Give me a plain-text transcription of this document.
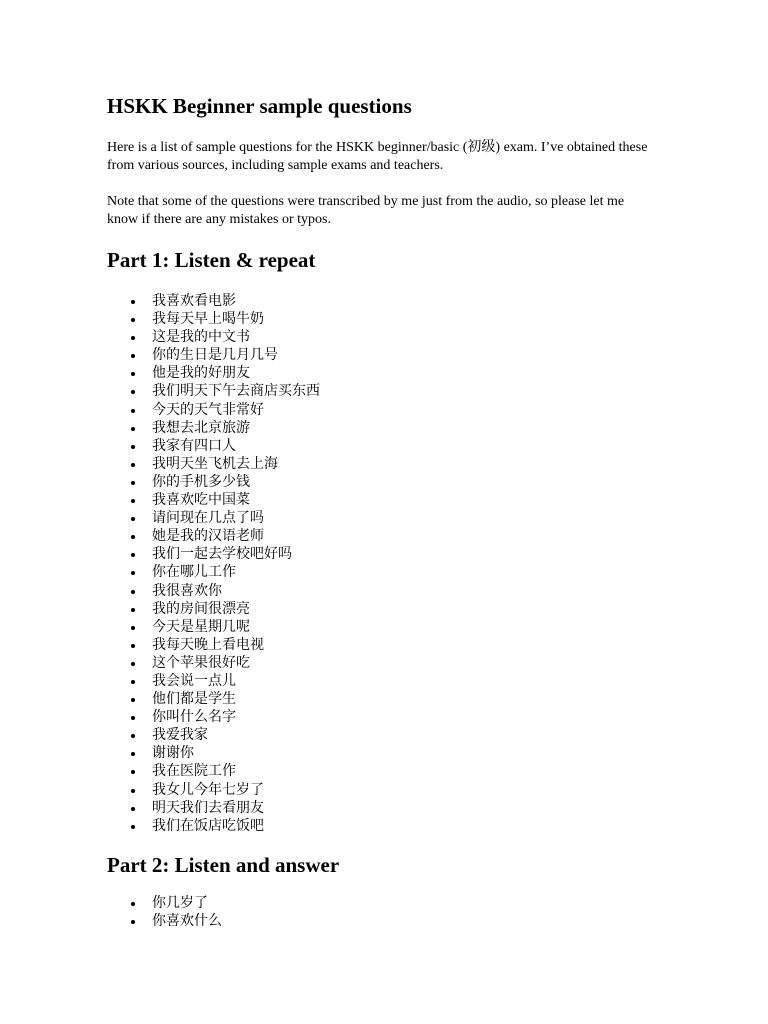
HSKK Beginner sample questions

Here is a list of sample questions for the HSKK beginner/basic (初级) exam. I’ve obtained these from various sources, including sample exams and teachers.

Note that some of the questions were transcribed by me just from the audio, so please let me know if there are any mistakes or typos.

Part 1: Listen & repeat
我喜欢看电影
我每天早上喝牛奶
这是我的中文书
你的生日是几月几号
他是我的好朋友
我们明天下午去商店买东西
今天的天气非常好
我想去北京旅游
我家有四口人
我明天坐飞机去上海
你的手机多少钱
我喜欢吃中国菜
请问现在几点了吗
她是我的汉语老师
我们一起去学校吧好吗
你在哪儿工作
我很喜欢你
我的房间很漂亮
今天是星期几呢
我每天晚上看电视
这个苹果很好吃
我会说一点儿
他们都是学生
你叫什么名字
我爱我家
谢谢你
我在医院工作
我女儿今年七岁了
明天我们去看朋友
我们在饭店吃饭吧
Part 2: Listen and answer
你几岁了
你喜欢什么
